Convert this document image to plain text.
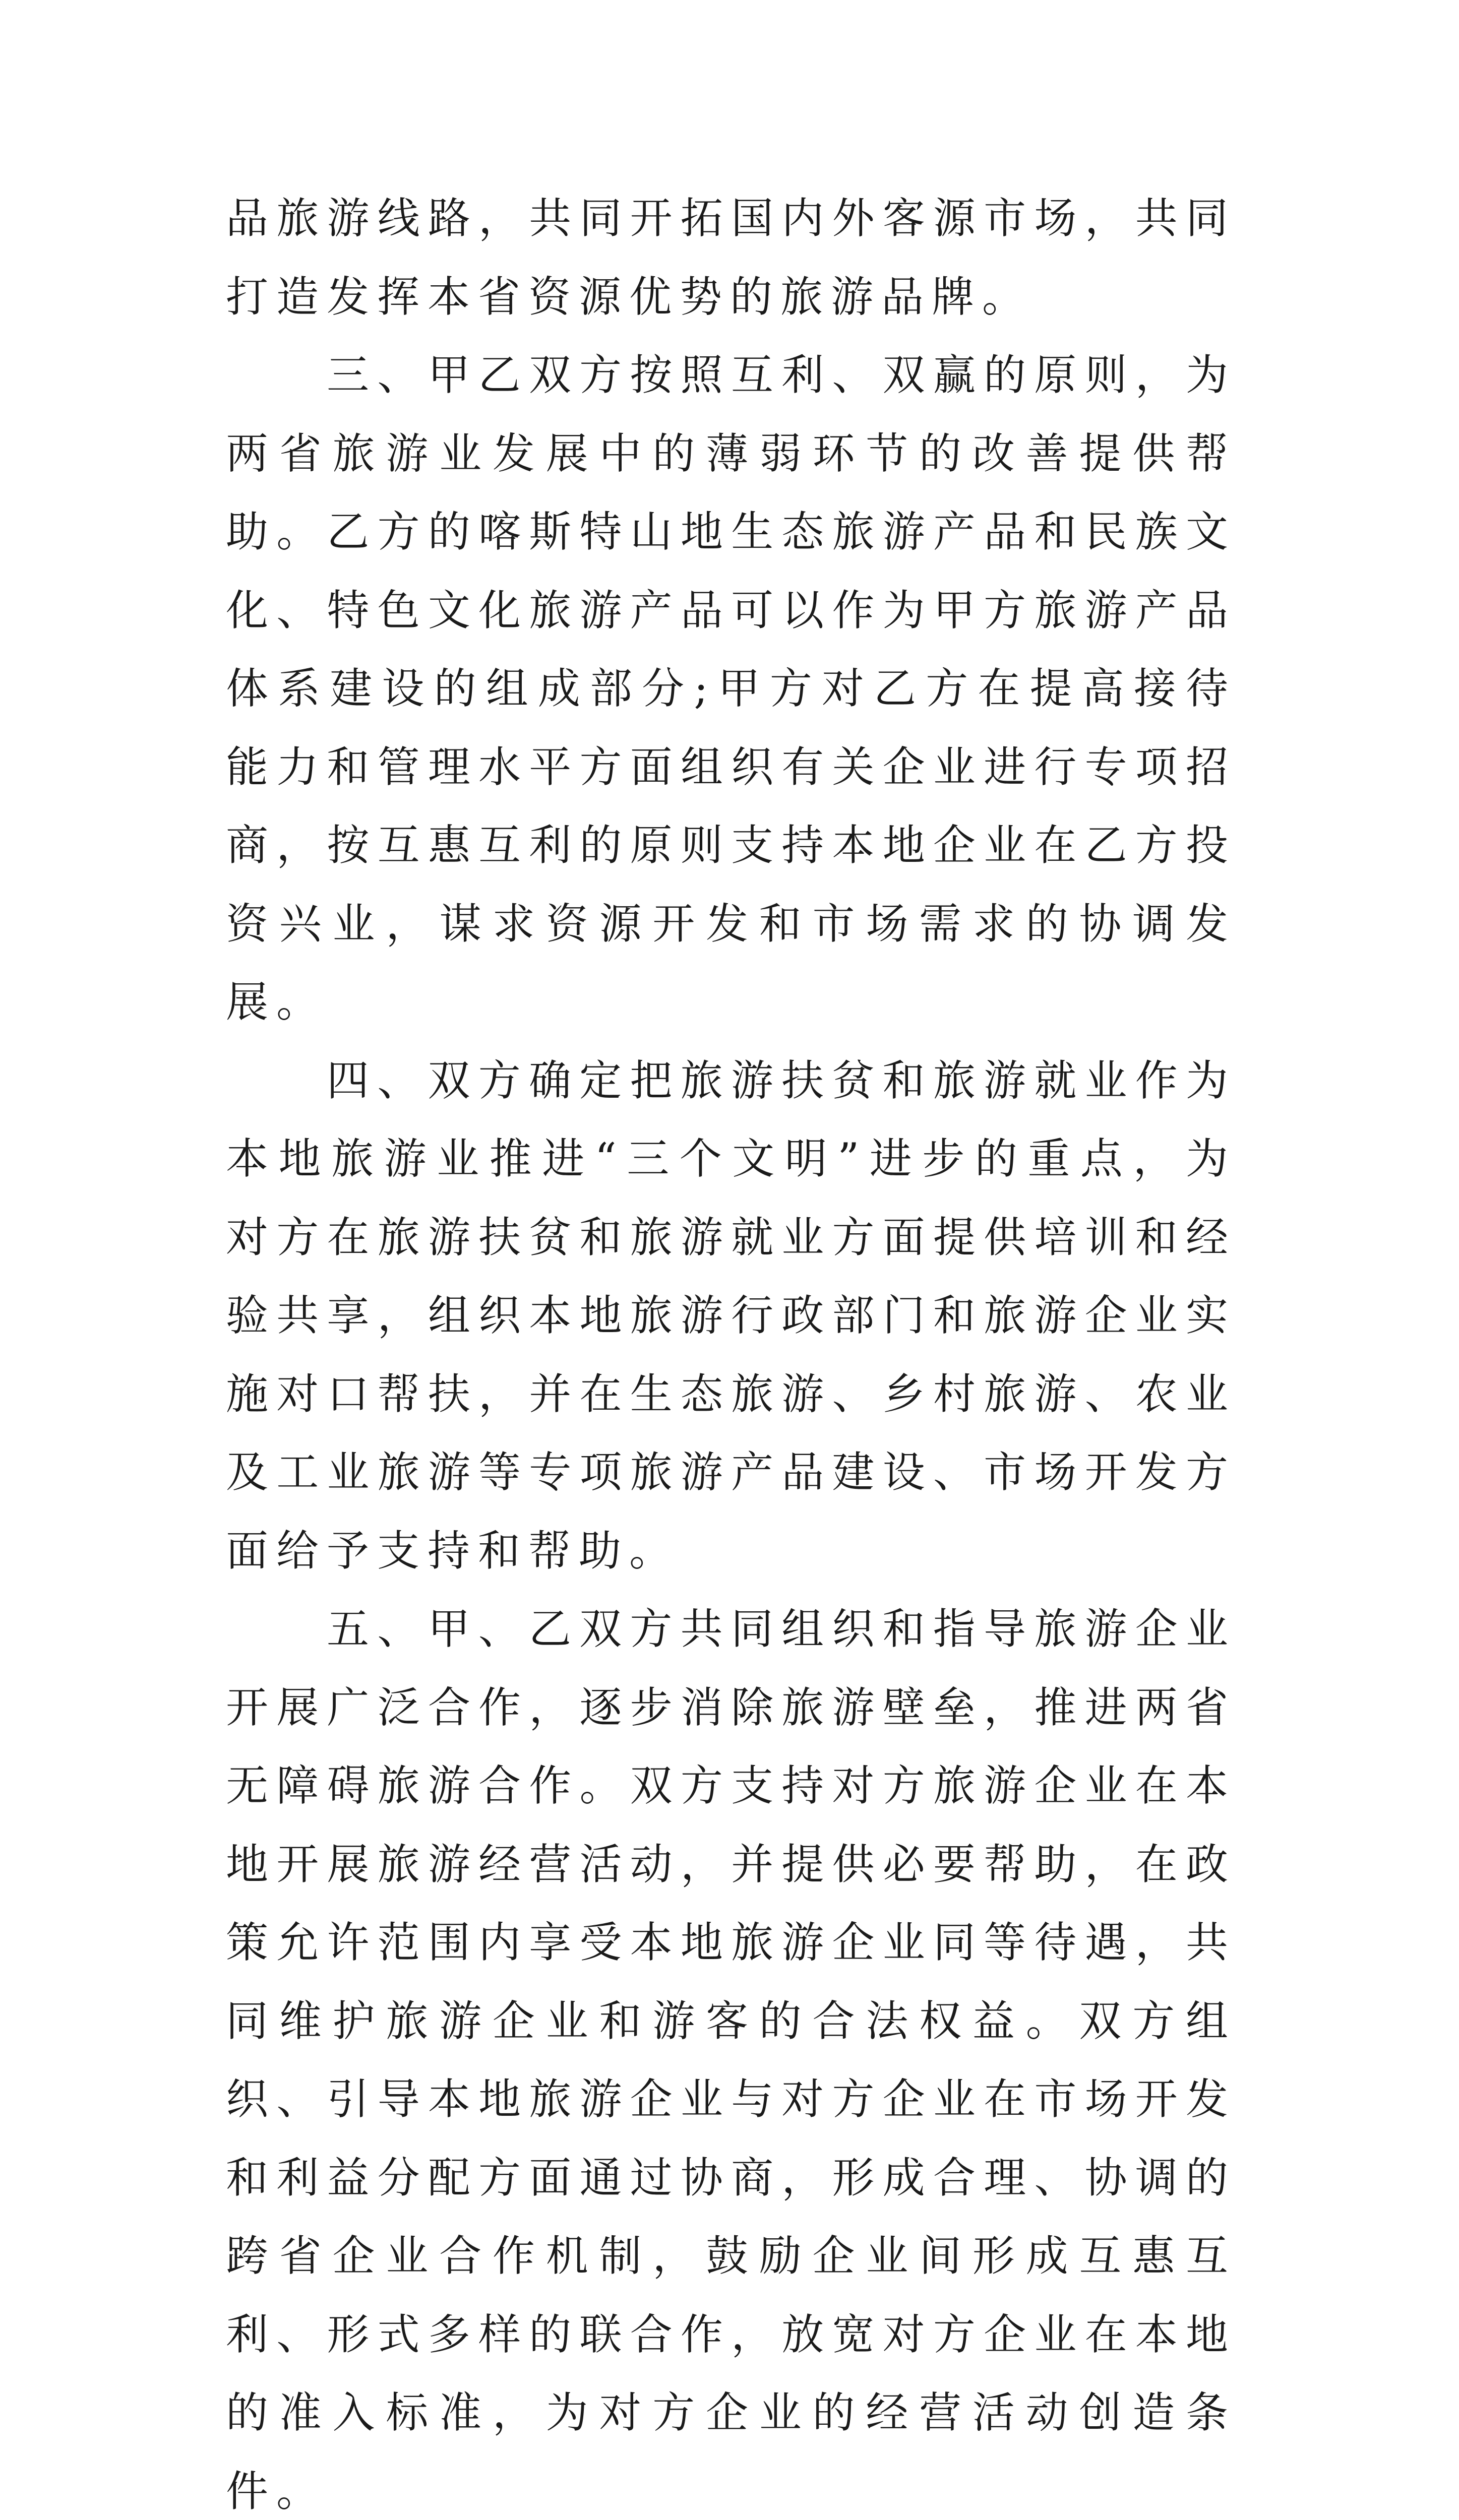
品旅游线路，共同开拓国内外客源市场，共同打造发挥本省资源优势的旅游品牌。

三、甲乙双方按照互利、双赢的原则，为两省旅游业发展中的薄弱环节的改善提供帮助。乙方的喀斯特山地生态旅游产品和民族文化、特色文化旅游产品可以作为甲方旅游产品体系建设的组成部分;甲方对乙方在提高接待能力和管理水平方面组织有关企业进行专项招商，按互惠互利的原则支持本地企业在乙方投资兴业，谋求资源开发和市场需求的协调发展。

四、双方确定把旅游扶贫和旅游就业作为本地旅游业推进“三个文明”进步的重点，为对方在旅游扶贫和旅游就业方面提供培训和经验共享，组织本地旅游行政部门和旅游企业实施对口帮扶，并在生态旅游、乡村旅游、农业及工业旅游等专项旅游产品建设、市场开发方面给予支持和帮助。

五、甲、乙双方共同组织和指导旅游企业开展广泛合作，逐步消除旅游壁垒，推进两省无障碍旅游合作。双方支持对方旅游企业在本地开展旅游经营活动，并提供必要帮助，在政策允许范围内享受本地旅游企业同等待遇，共同维护旅游企业和游客的合法权益。双方组织、引导本地旅游企业与对方企业在市场开发和利益分配方面通过协商，形成合理、协调的跨省企业合作机制，鼓励企业间形成互惠互利、形式多样的联合作，放宽对方企业在本地的准入标准，为对方企业的经营活动创造条件。
